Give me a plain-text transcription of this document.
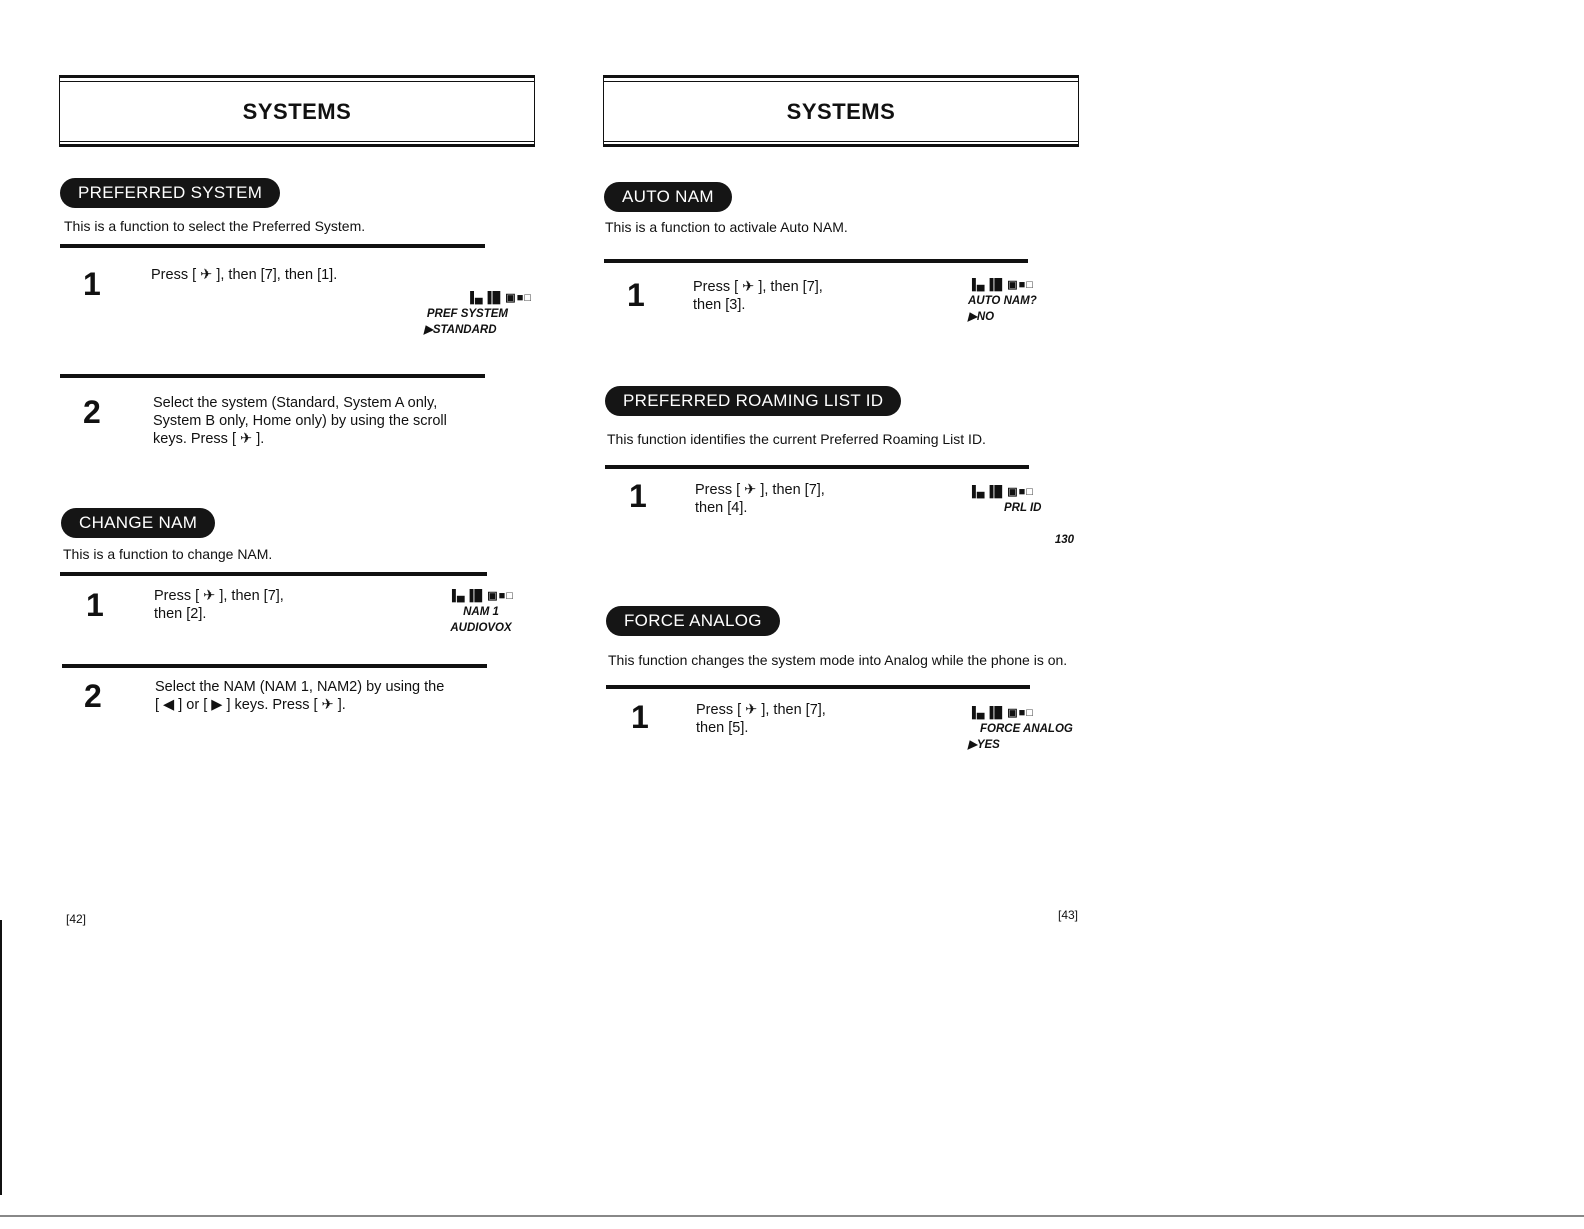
SYSTEMS
PREFERRED SYSTEM
This is a function to select the Preferred System.
1	Press [ ✈ ], then [7], then [1].
▐▄▐█ ▣■□
PREF SYSTEM
▶STANDARD
2	Select the system (Standard, System A only,
System B only, Home only) by using the scroll
keys. Press [ ✈ ].
CHANGE NAM
This is a function to change NAM.
1	Press [ ✈ ], then [7],
then [2].
▐▄▐█ ▣■□
NAM 1
AUDIOVOX
2	Select the NAM (NAM 1, NAM2) by using the
[ ◀ ] or [ ▶ ] keys. Press [ ✈ ].
[42]
SYSTEMS
AUTO NAM
This is a function to activale Auto NAM.
1	Press [ ✈ ], then [7],
then [3].
▐▄▐█ ▣■□
AUTO NAM?
▶NO
PREFERRED ROAMING LIST ID
This function identifies the current Preferred Roaming List ID.
1	Press [ ✈ ], then [7],
then [4].
▐▄▐█ ▣■□
PRL ID
130
FORCE ANALOG
This function changes the system mode into Analog while the phone is on.
1	Press [ ✈ ], then [7],
then [5].
▐▄▐█ ▣■□
FORCE ANALOG
▶YES
[43]
